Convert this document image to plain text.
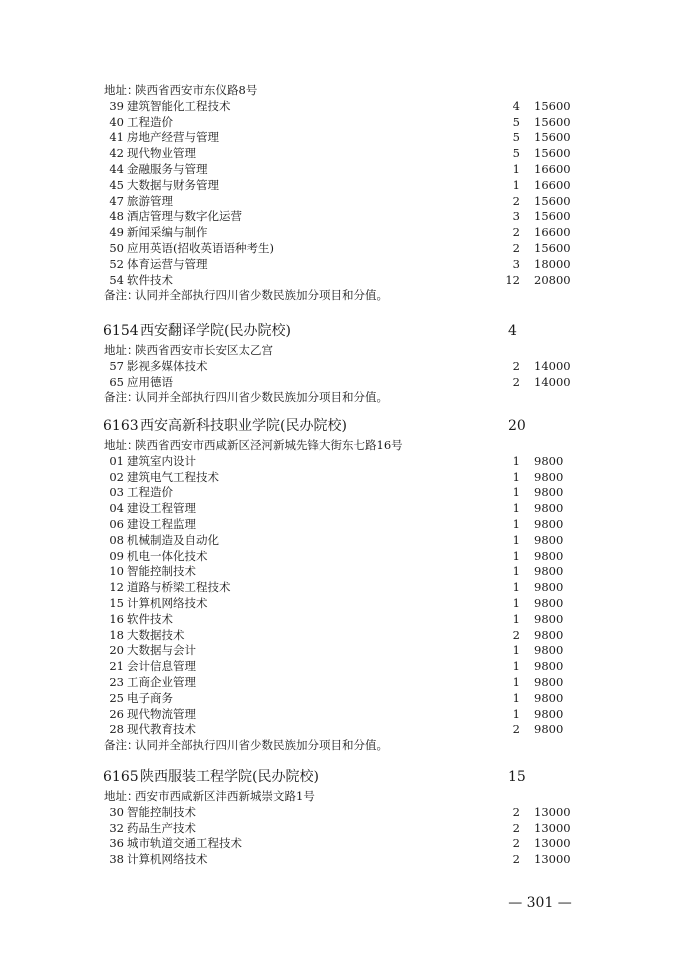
地址：
陕西省西安市东仪路8号
39 建筑智能化工程技术	4 15600
40 工程造价	5 15600
41 房地产经营与管理	5 15600
42 现代物业管理	5 15600
44 金融服务与管理	1 16600
45 大数据与财务管理	1 16600
47 旅游管理	2 15600
48 酒店管理与数字化运营	3 15600
49 新闻采编与制作	2 16600
50 应用英语(招收英语语种考生)	2 15600
52 体育运营与管理	3 18000
54 软件技术	12 20800
备注：
认同并全部执行四川省少数民族加分项目和分值。
6154 西安翻译学院(民办院校)	4
地址：
陕西省西安市长安区太乙宫
57 影视多媒体技术	2 14000
65 应用德语	2 14000
备注：
认同并全部执行四川省少数民族加分项目和分值。
6163 西安高新科技职业学院(民办院校)	20
地址：
陕西省西安市西咸新区泾河新城先锋大街东七路16号
01 建筑室内设计	1 9800
02 建筑电气工程技术	1 9800
03 工程造价	1 9800
04 建设工程管理	1 9800
06 建设工程监理	1 9800
08 机械制造及自动化	1 9800
09 机电一体化技术	1 9800
10 智能控制技术	1 9800
12 道路与桥梁工程技术	1 9800
15 计算机网络技术	1 9800
16 软件技术	1 9800
18 大数据技术	2 9800
20 大数据与会计	1 9800
21 会计信息管理	1 9800
23 工商企业管理	1 9800
25 电子商务	1 9800
26 现代物流管理	1 9800
28 现代教育技术	2 9800
备注：
认同并全部执行四川省少数民族加分项目和分值。
6165 陕西服装工程学院(民办院校)	15
地址：
西安市西咸新区沣西新城崇文路1号
30 智能控制技术	2 13000
32 药品生产技术	2 13000
36 城市轨道交通工程技术	2 13000
38 计算机网络技术	2 13000
— 301 —
